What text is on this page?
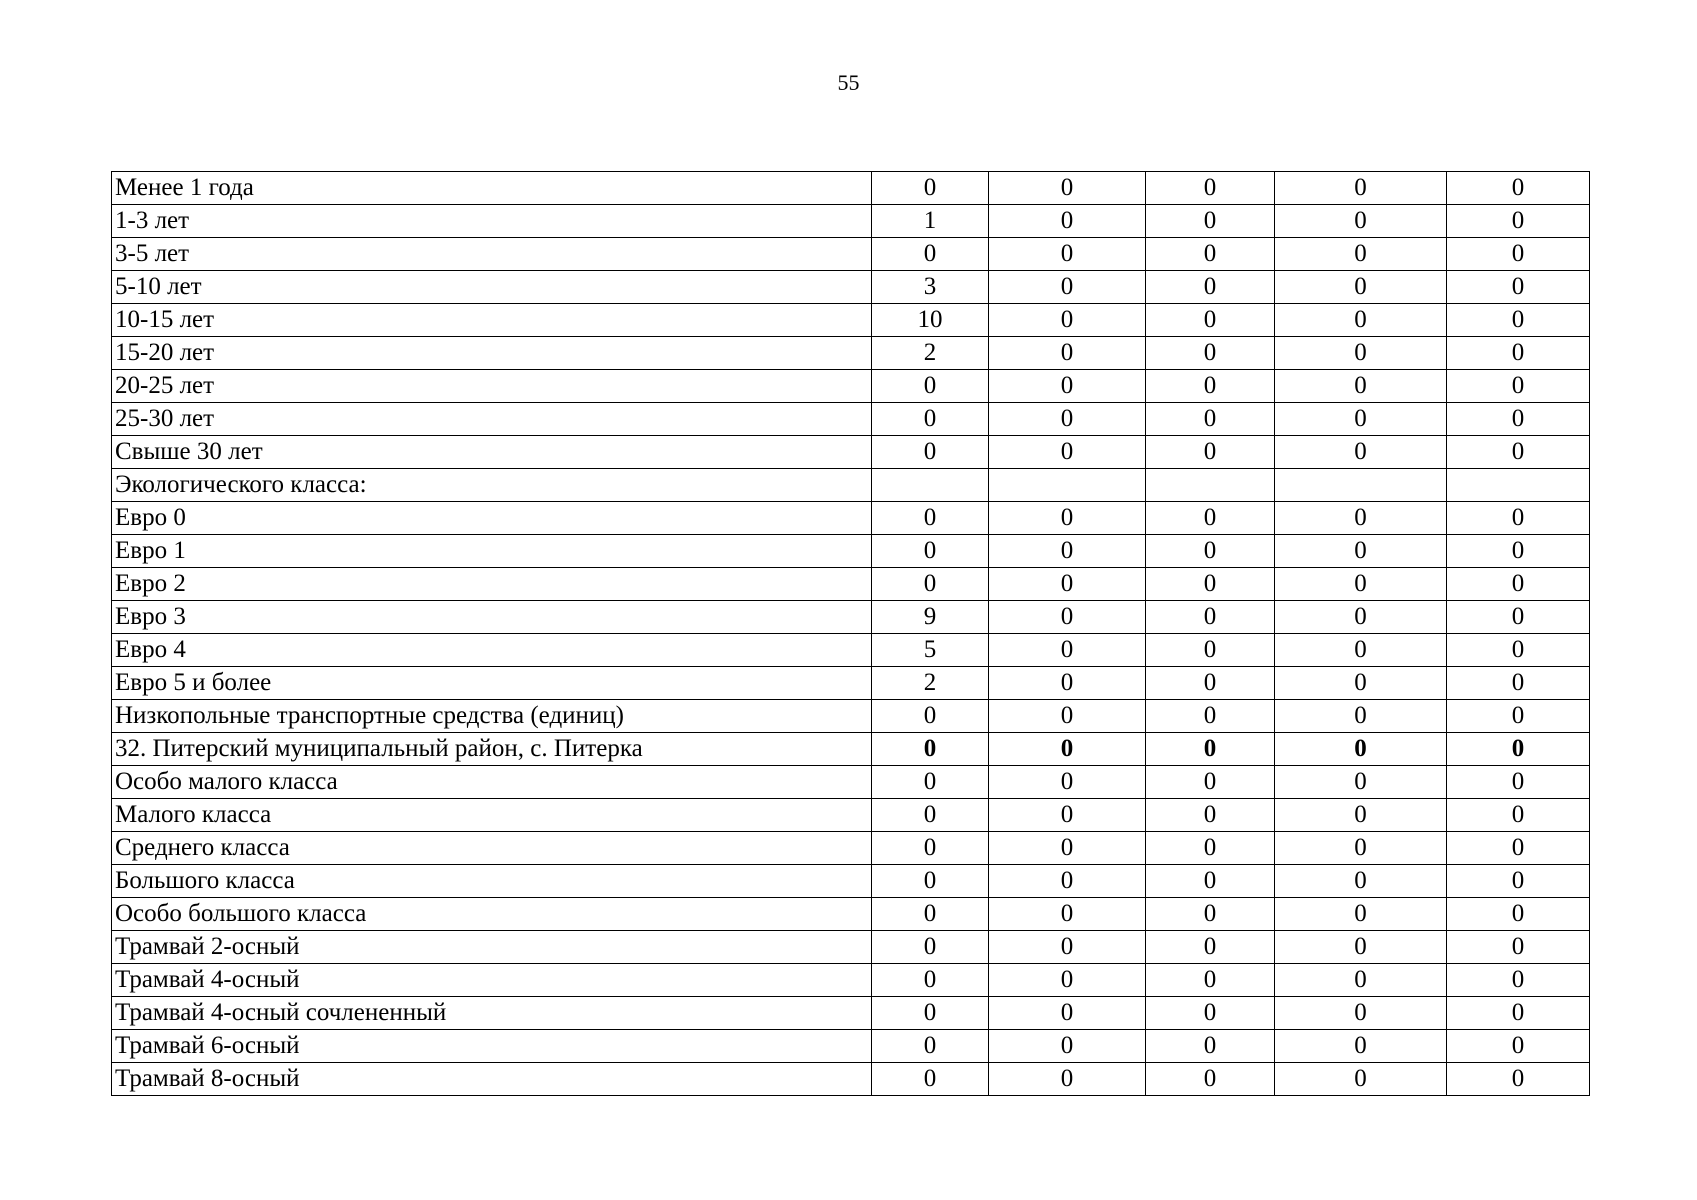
55
Менее 1 года	0	0	0	0	0
1-3 лет	1	0	0	0	0
3-5 лет	0	0	0	0	0
5-10 лет	3	0	0	0	0
10-15 лет	10	0	0	0	0
15-20 лет	2	0	0	0	0
20-25 лет	0	0	0	0	0
25-30 лет	0	0	0	0	0
Свыше 30 лет	0	0	0	0	0
Экологического класса:					
Евро 0	0	0	0	0	0
Евро 1	0	0	0	0	0
Евро 2	0	0	0	0	0
Евро 3	9	0	0	0	0
Евро 4	5	0	0	0	0
Евро 5 и более	2	0	0	0	0
Низкопольные транспортные средства (единиц)	0	0	0	0	0
32. Питерский муниципальный район, с. Питерка	0	0	0	0	0
Особо малого класса	0	0	0	0	0
Малого класса	0	0	0	0	0
Среднего класса	0	0	0	0	0
Большого класса	0	0	0	0	0
Особо большого класса	0	0	0	0	0
Трамвай 2-осный	0	0	0	0	0
Трамвай 4-осный	0	0	0	0	0
Трамвай 4-осный сочлененный	0	0	0	0	0
Трамвай 6-осный	0	0	0	0	0
Трамвай 8-осный	0	0	0	0	0
